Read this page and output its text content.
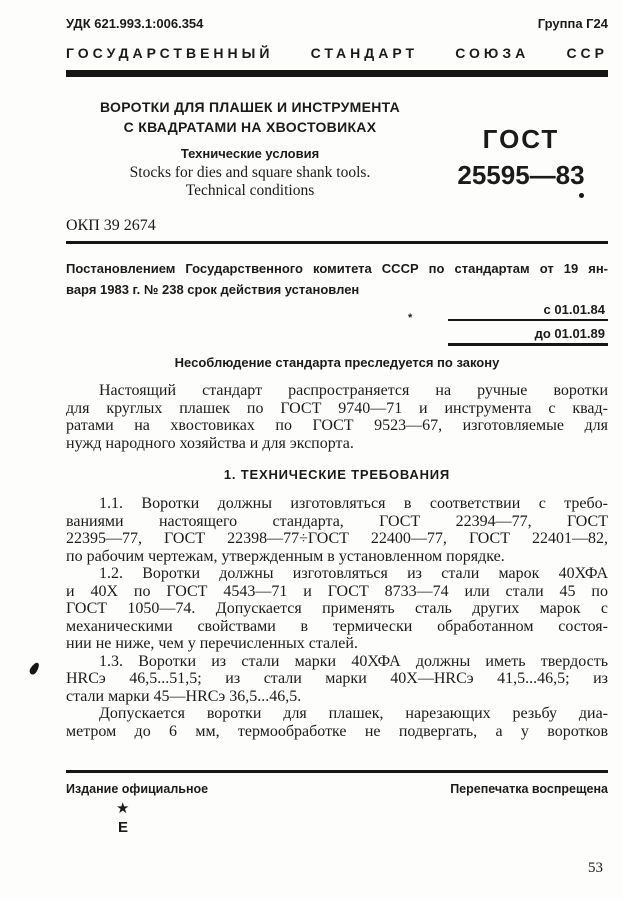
УДК 621.993.1:006.354	Группа Г24
ГОСУДАРСТВЕННЫЙ СТАНДАРТ СОЮЗА ССР
ВОРОТКИ ДЛЯ ПЛАШЕК И ИНСТРУМЕНТА
С КВАДРАТАМИ НА ХВОСТОВИКАХ
Технические условия
Stocks for dies and square shank tools.
Technical conditions
ГОСТ
25595—83
ОКП 39 2674
Постановлением Государственного комитета СССР по стандартам от 19 ян-
варя 1983 г. № 238 срок действия установлен
*
с 01.01.84
до 01.01.89
Несоблюдение стандарта преследуется по закону
Настоящий стандарт распространяется на ручные воротки
для круглых плашек по ГОСТ 9740—71 и инструмента с квад-
ратами на хвостовиках по ГОСТ 9523—67, изготовляемые для
нужд народного хозяйства и для экспорта.
1. ТЕХНИЧЕСКИЕ ТРЕБОВАНИЯ
1.1. Воротки должны изготовляться в соответствии с требо-
ваниями настоящего стандарта, ГОСТ 22394—77, ГОСТ
22395—77, ГОСТ 22398—77÷ГОСТ 22400—77, ГОСТ 22401—82,
по рабочим чертежам, утвержденным в установленном порядке.
1.2. Воротки должны изготовляться из стали марок 40ХФА
и 40Х по ГОСТ 4543—71 и ГОСТ 8733—74 или стали 45 по
ГОСТ 1050—74. Допускается применять сталь других марок с
механическими свойствами в термически обработанном состоя-
нии не ниже, чем у перечисленных сталей.
1.3. Воротки из стали марки 40ХФА должны иметь твердость
HRCэ 46,5...51,5; из стали марки 40Х—HRCэ 41,5...46,5; из
стали марки 45—HRCэ 36,5...46,5.
Допускается воротки для плашек, нарезающих резьбу диа-
метром до 6 мм, термообработке не подвергать, а у воротков
Издание официальное	Перепечатка воспрещена
★
Е
53
